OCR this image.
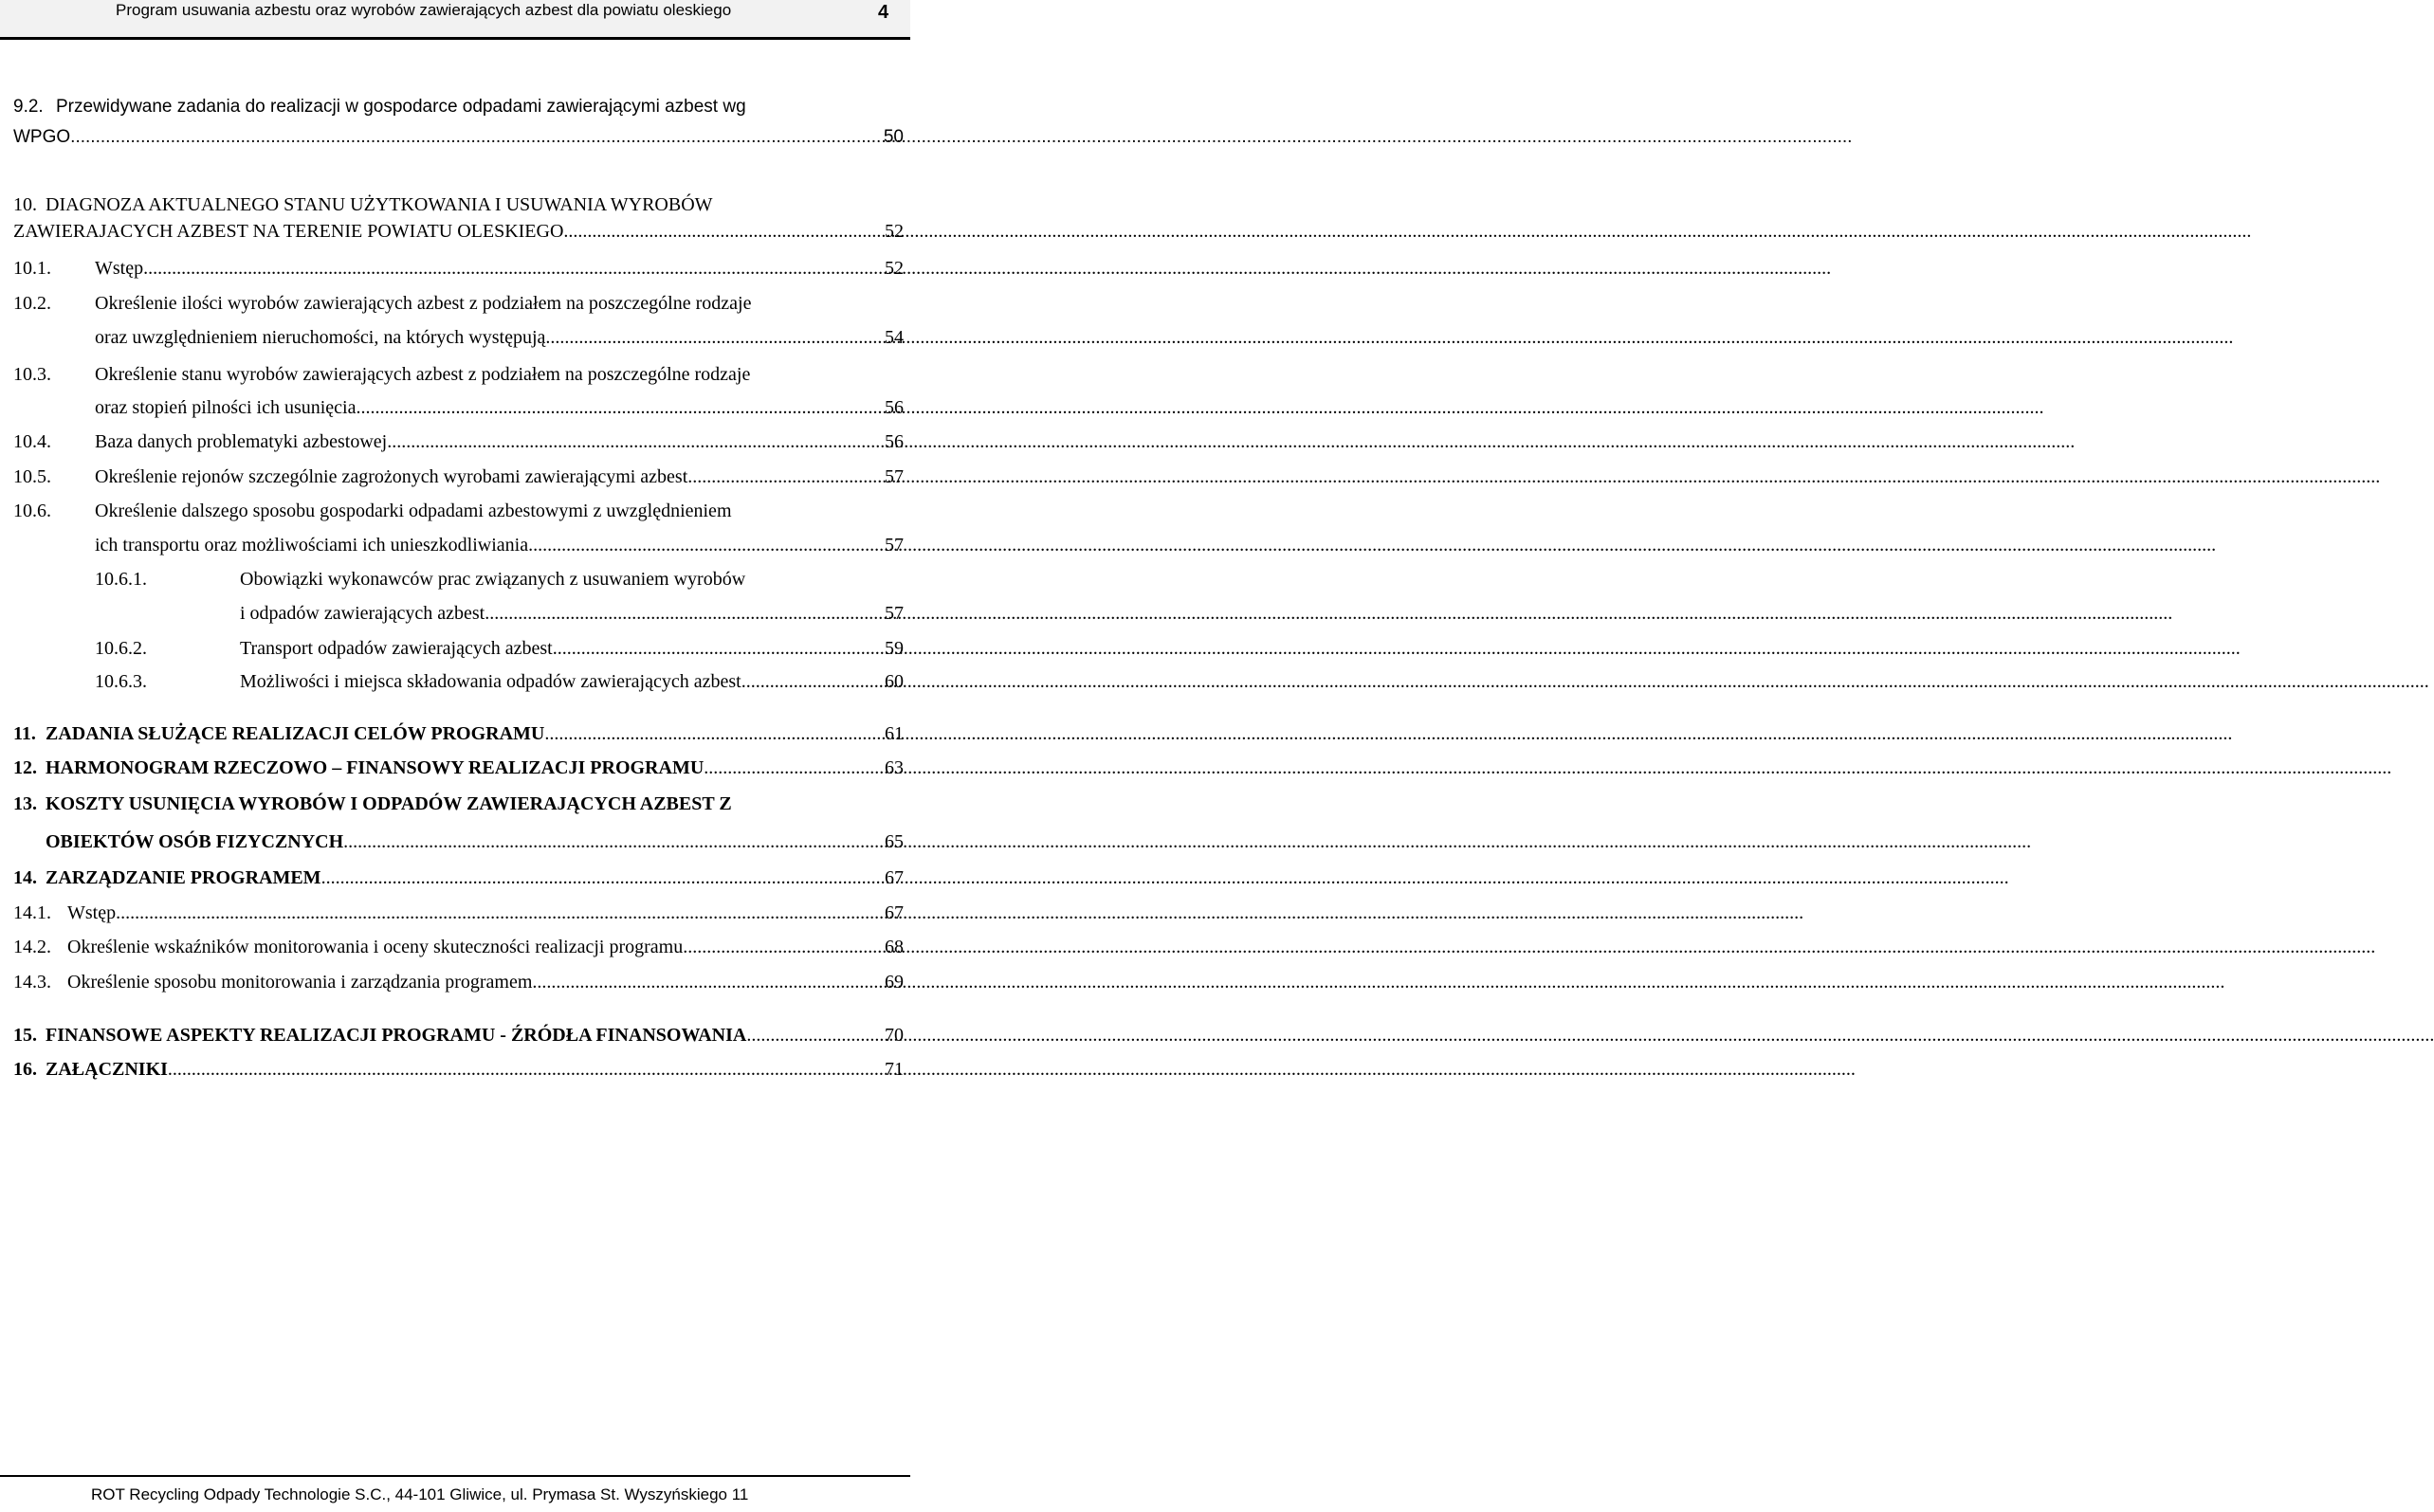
Program usuwania azbestu oraz wyrobów zawierających azbest dla powiatu oleskiego	4
9.2. Przewidywane zadania do realizacji w gospodarce odpadami zawierającymi azbest wg
WPGO .....	50
10. DIAGNOZA AKTUALNEGO STANU UŻYTKOWANIA I USUWANIA WYROBÓW
ZAWIERAJACYCH AZBEST NA TERENIE POWIATU OLESKIEGO .....	52
10.1.	Wstęp .....	52
10.2.	Określenie ilości wyrobów zawierających azbest z podziałem na poszczególne rodzaje
oraz uwzględnieniem nieruchomości, na których występują .....	54
10.3.	Określenie stanu wyrobów zawierających azbest z podziałem na poszczególne rodzaje
oraz stopień pilności ich usunięcia .....	56
10.4.	Baza danych problematyki azbestowej .....	56
10.5.	Określenie rejonów szczególnie zagrożonych wyrobami zawierającymi azbest. .....	57
10.6.	Określenie dalszego sposobu gospodarki odpadami azbestowymi z uwzględnieniem
ich transportu oraz możliwościami ich unieszkodliwiania .....	57
10.6.1.	Obowiązki wykonawców prac związanych z usuwaniem wyrobów
i odpadów zawierających azbest .....	57
10.6.2.	Transport odpadów zawierających azbest .....	59
10.6.3.	Możliwości i miejsca składowania odpadów zawierających azbest .....	60
11. ZADANIA SŁUŻĄCE REALIZACJI CELÓW PROGRAMU .....	61
12. HARMONOGRAM RZECZOWO – FINANSOWY REALIZACJI PROGRAMU .....	63
13. KOSZTY USUNIĘCIA WYROBÓW I ODPADÓW ZAWIERAJĄCYCH AZBEST Z
OBIEKTÓW OSÓB FIZYCZNYCH .....	65
14. ZARZĄDZANIE PROGRAMEM .....	67
14.1. Wstęp .....	67
14.2. Określenie wskaźników monitorowania i oceny skuteczności realizacji programu. .....	68
14.3. Określenie sposobu monitorowania i zarządzania programem. .....	69
15. FINANSOWE ASPEKTY REALIZACJI PROGRAMU - ŹRÓDŁA FINANSOWANIA .....	70
16. ZAŁĄCZNIKI .....	71
ROT Recycling Odpady Technologie S.C., 44-101 Gliwice, ul. Prymasa St. Wyszyńskiego 11
